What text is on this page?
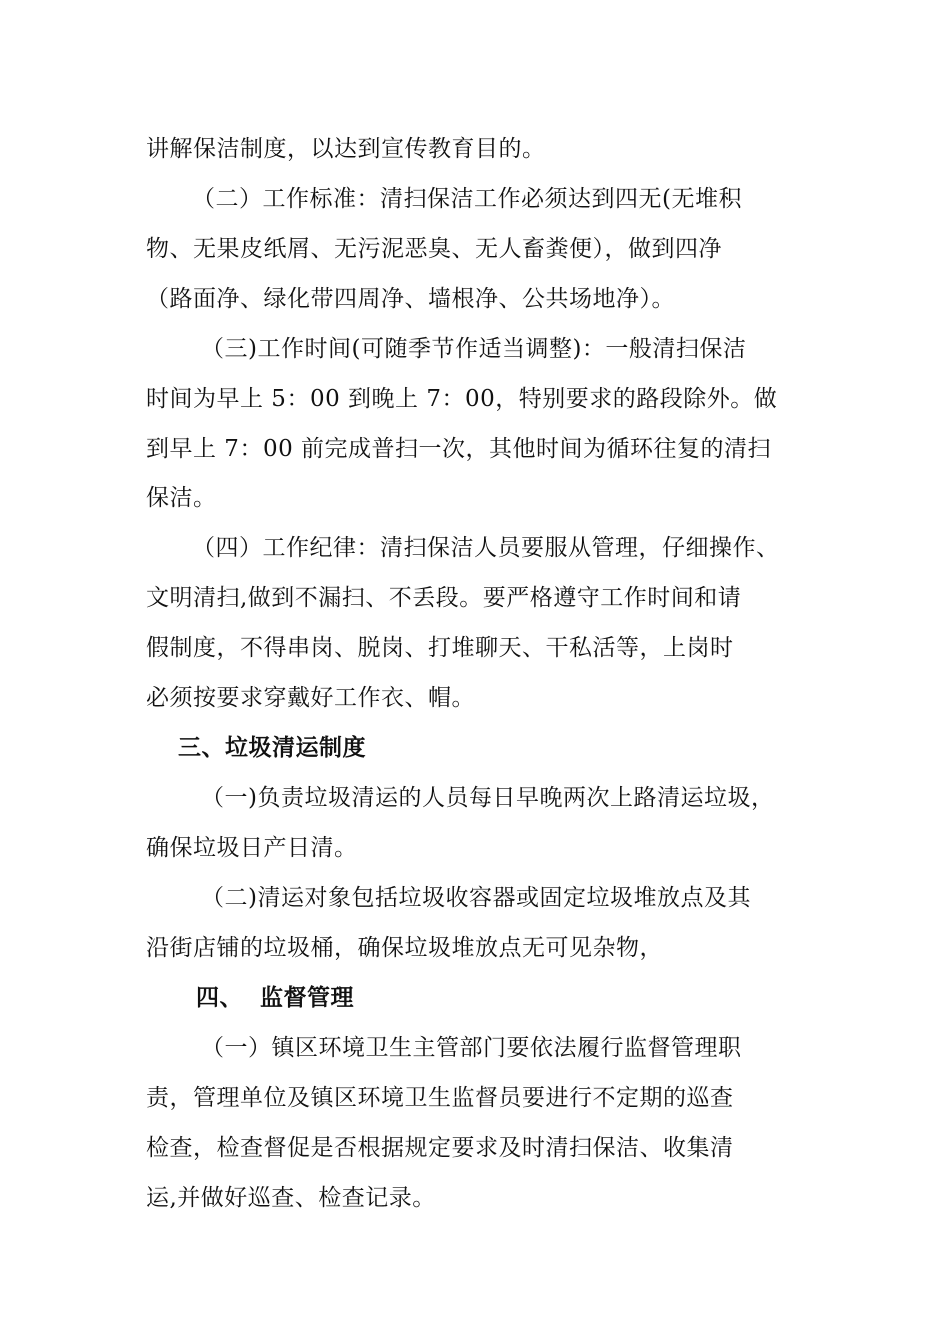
讲解保洁制度，以达到宣传教育目的。
（二）工作标准：清扫保洁工作必须达到四无(无堆积
物、无果皮纸屑、无污泥恶臭、无人畜粪便），做到四净
（路面净、绿化带四周净、墙根净、公共场地净）。
（三)工作时间(可随季节作适当调整)：一般清扫保洁
时间为早上 5：00 到晚上 7：00，特别要求的路段除外。做
到早上 7：00 前完成普扫一次，其他时间为循环往复的清扫
保洁。
（四）工作纪律：清扫保洁人员要服从管理，仔细操作、
文明清扫,做到不漏扫、不丢段。要严格遵守工作时间和请
假制度，不得串岗、脱岗、打堆聊天、干私活等，上岗时
必须按要求穿戴好工作衣、帽。
三、垃圾清运制度
（一)负责垃圾清运的人员每日早晚两次上路清运垃圾，
确保垃圾日产日清。
（二)清运对象包括垃圾收容器或固定垃圾堆放点及其
沿街店铺的垃圾桶，确保垃圾堆放点无可见杂物，
四、  监督管理
（一）镇区环境卫生主管部门要依法履行监督管理职
责，管理单位及镇区环境卫生监督员要进行不定期的巡查
检查，检查督促是否根据规定要求及时清扫保洁、收集清
运,并做好巡查、检查记录。
